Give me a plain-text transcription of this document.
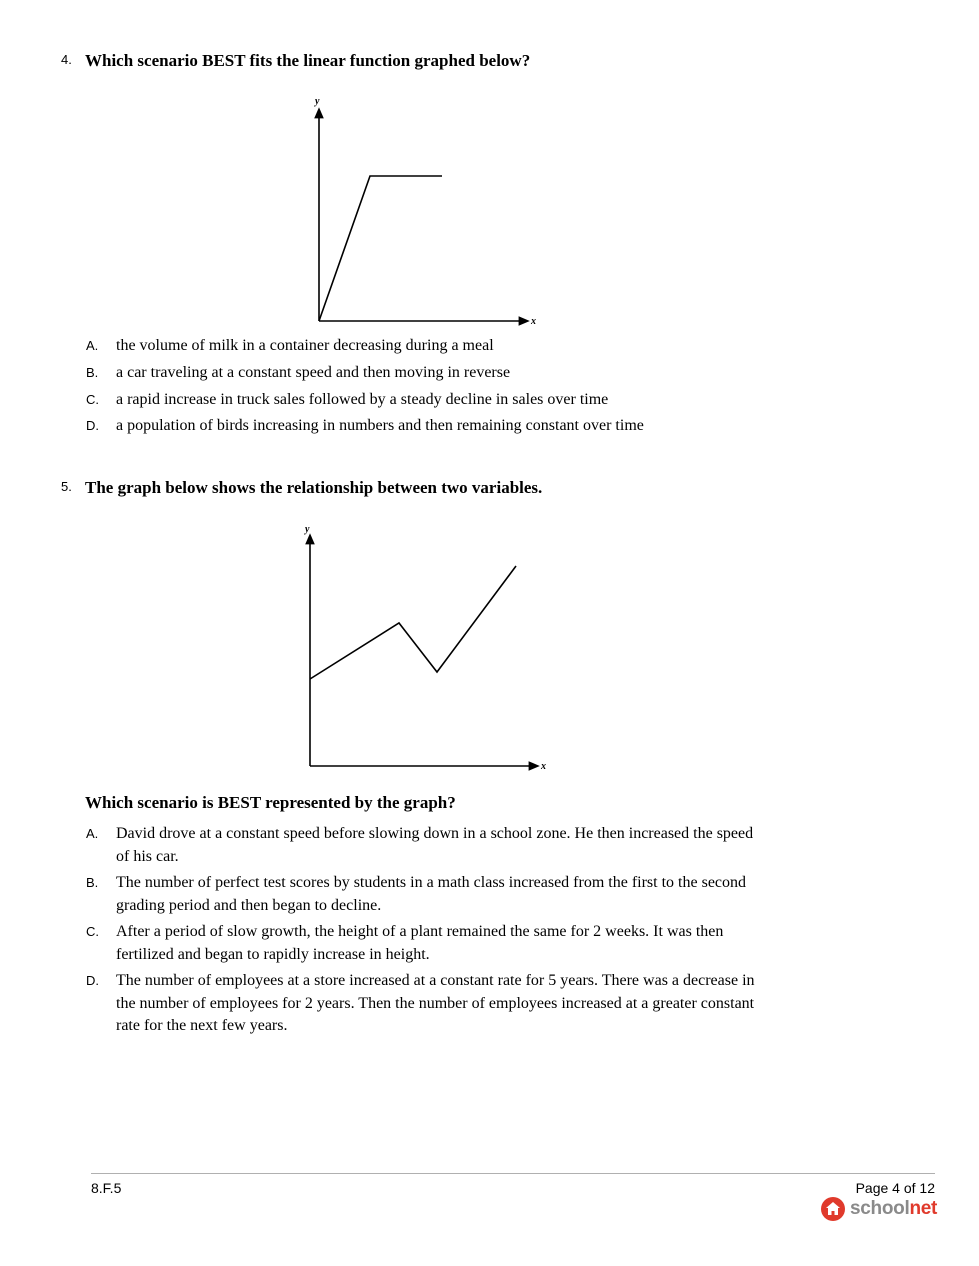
4. Which scenario BEST fits the linear function graphed below?
y
x
A. the volume of milk in a container decreasing during a meal
B. a car traveling at a constant speed and then moving in reverse
C. a rapid increase in truck sales followed by a steady decline in sales over time
D. a population of birds increasing in numbers and then remaining constant over time
5. The graph below shows the relationship between two variables.
y
x
Which scenario is BEST represented by the graph?
A. David drove at a constant speed before slowing down in a school zone. He then increased the speed of his car.
B. The number of perfect test scores by students in a math class increased from the first to the second grading period and then began to decline.
C. After a period of slow growth, the height of a plant remained the same for 2 weeks. It was then fertilized and began to rapidly increase in height.
D. The number of employees at a store increased at a constant rate for 5 years. There was a decrease in the number of employees for 2 years. Then the number of employees increased at a greater constant rate for the next few years.
8.F.5	Page 4 of 12
schoolnet
